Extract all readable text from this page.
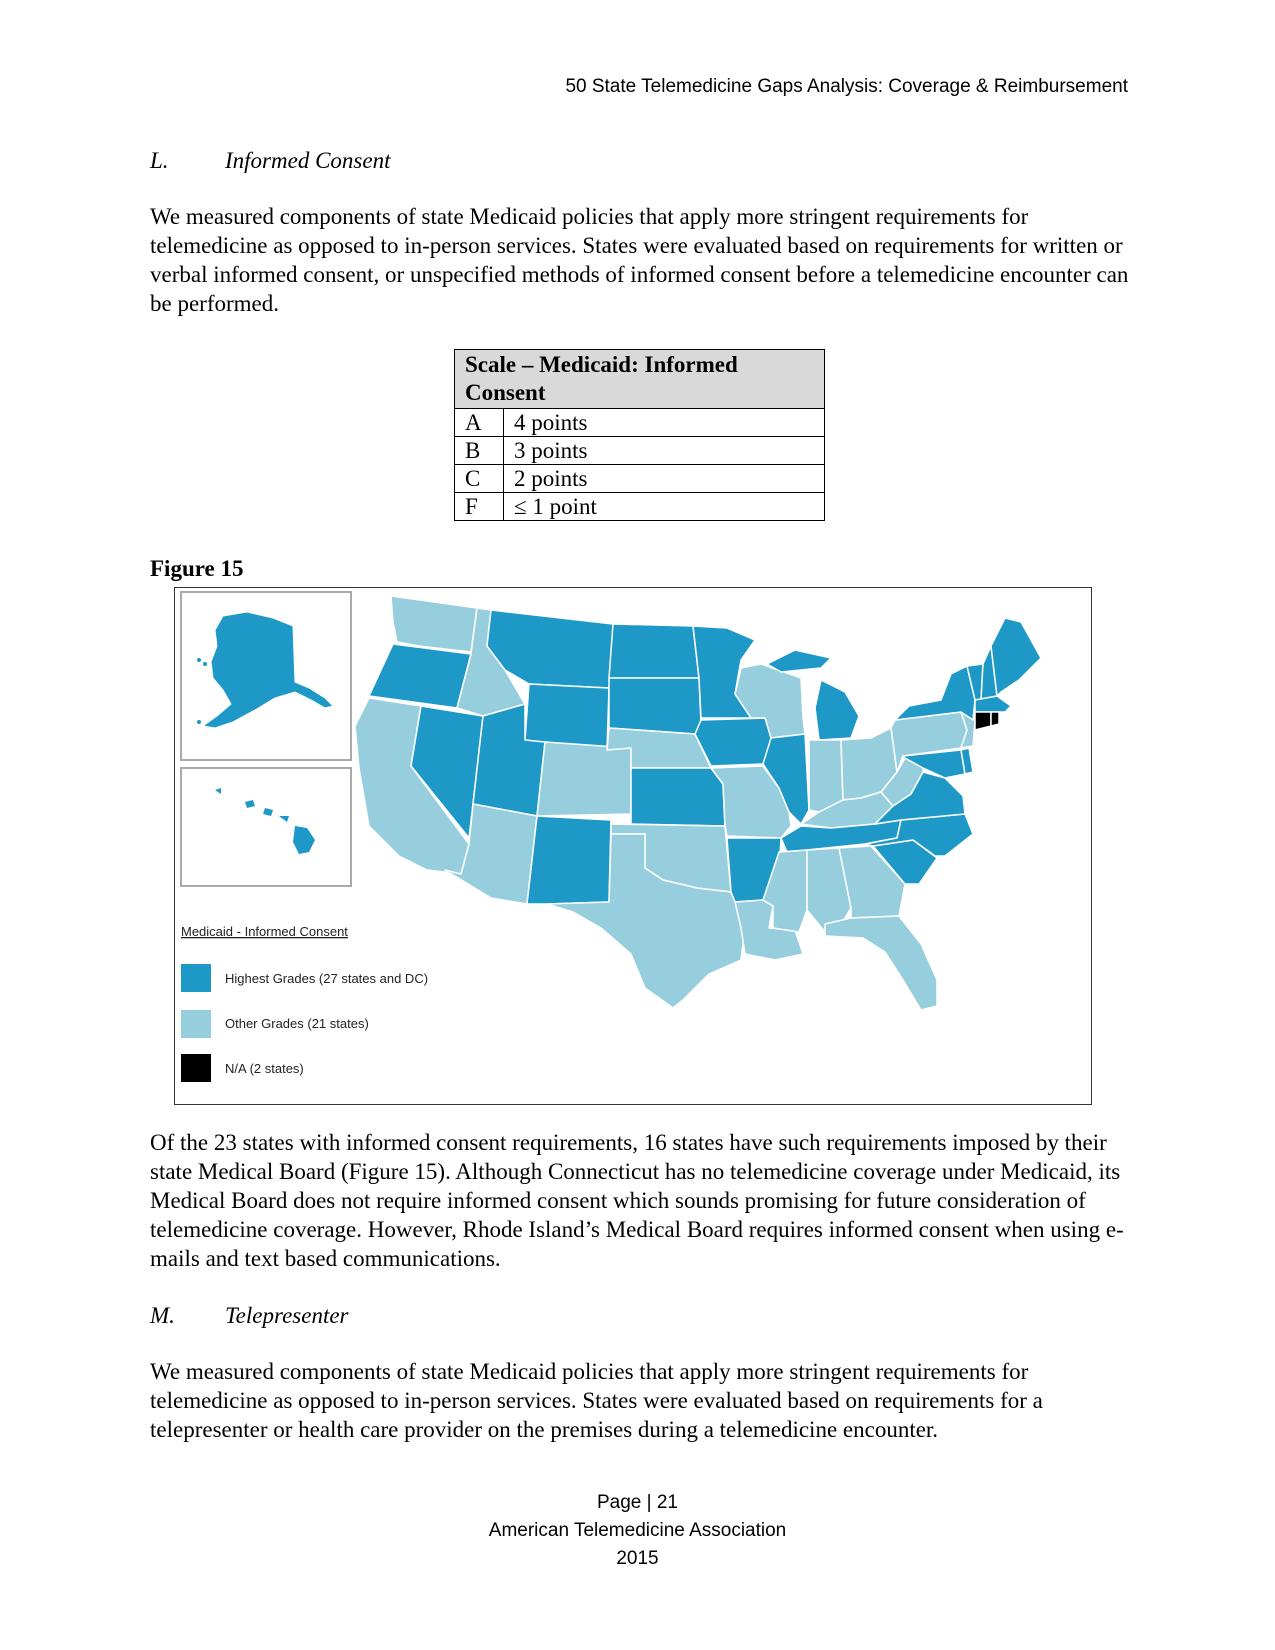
50 State Telemedicine Gaps Analysis: Coverage & Reimbursement
L. Informed Consent

We measured components of state Medicaid policies that apply more stringent requirements for telemedicine as opposed to in-person services. States were evaluated based on requirements for written or verbal informed consent, or unspecified methods of informed consent before a telemedicine encounter can be performed.

Scale – Medicaid: Informed Consent	
A	4 points
B	3 points
C	2 points
F	≤ 1 point
Figure 15
Medicaid - Informed Consent
Highest Grades (27 states and DC)
Other Grades (21 states)
N/A (2 states)

Of the 23 states with informed consent requirements, 16 states have such requirements imposed by their state Medical Board (Figure 15). Although Connecticut has no telemedicine coverage under Medicaid, its Medical Board does not require informed consent which sounds promising for future consideration of telemedicine coverage. However, Rhode Island’s Medical Board requires informed consent when using e-mails and text based communications.

M. Telepresenter

We measured components of state Medicaid policies that apply more stringent requirements for telemedicine as opposed to in-person services. States were evaluated based on requirements for a telepresenter or health care provider on the premises during a telemedicine encounter.

Page | 21
American Telemedicine Association
2015
